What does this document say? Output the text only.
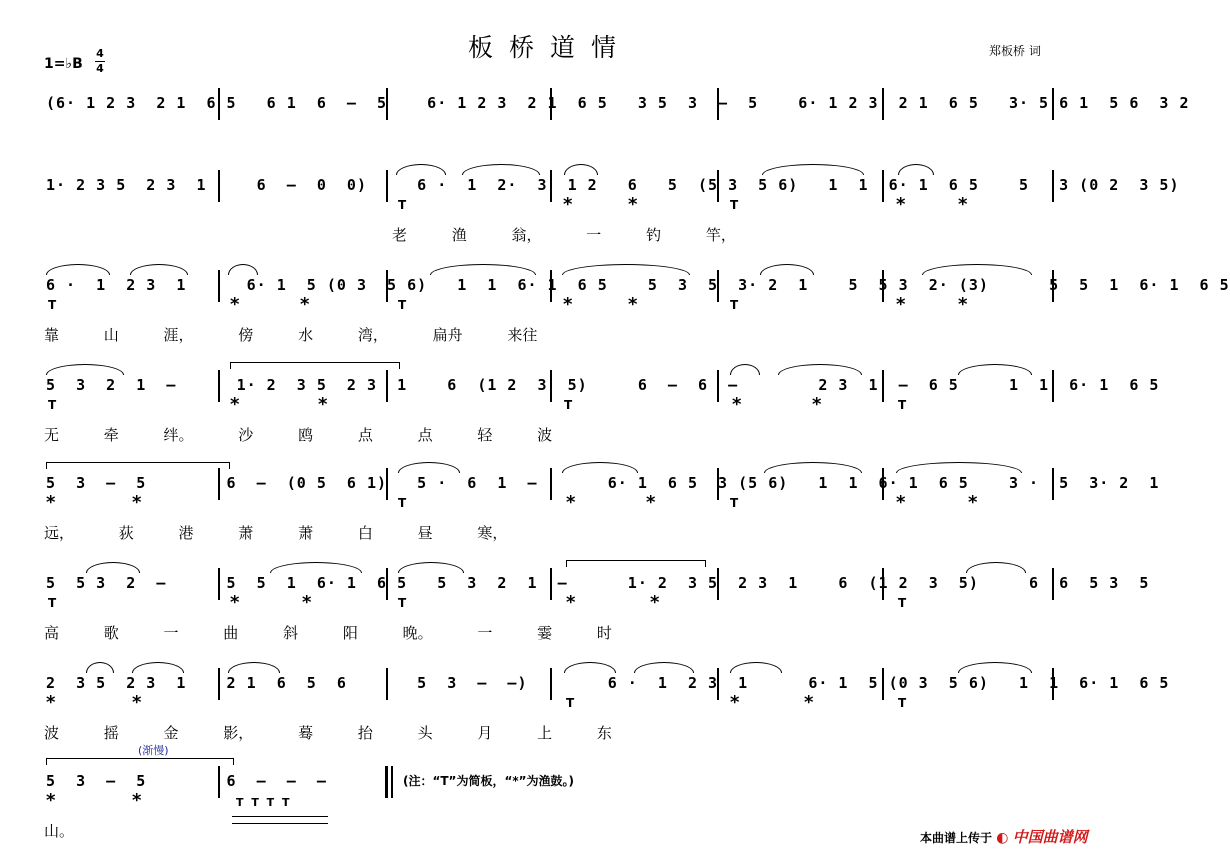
板桥道情	郑板桥 词
1=♭B
4
4
(6· 1 2 3  2 1  6 5   6 1  6  –  5    6· 1 2 3  2 1  6 5   3 5  3  –  5    6· 1 2 3  2 1  6 5   3· 5 6 1  5 6  3 2
1· 2 3 5  2 3  1     6  –  0  0)     6 ·  1  2·  3  1 2   6   5  (5 3  5 6)   1  1  6· 1  6 5    5   3 (0 2  3 5)
T	*	*	T	*	*
老 渔 翁， 一 钓 竿，
6 ·  1  2 3  1      6· 1  5 (0 3  5 6)   1  1  6· 1  6 5    5  3  5  3· 2  1    5  5 3  2· (3)      5  5  1  6· 1  6 5
T	*	*	T	*	*	T	*	*
靠 山 涯， 傍 水 湾， 扁舟 来往
5  3  2  1  –      1· 2  3 5  2 3  1    6  (1 2  3  5)     6  –  6  –        2 3  1  –  6 5     1  1  6· 1  6 5
T	*	*	T	*	*	T
无 牵 绊。 沙 鸥 点 点 轻 波
5  3  –  5        6  –  (0 5  6 1)   5 ·  6  1  –       6· 1  6 5  3 (5 6)   1  1  6· 1  6 5    3 ·  5  3· 2  1
*	*	T	*	*	T	*	*
远， 荻 港 萧 萧 白 昼 寒，
5  5 3  2  –      5  5  1  6· 1  6 5   5  3  2  1  –      1· 2  3 5  2 3  1    6  (1 2  3  5)     6  6  5 3  5
T	*	*	T	*	*	T
高 歌 一 曲 斜 阳 晚。 一 霎 时
2  3 5  2 3  1    2 1  6  5  6       5  3  –  –)        6 ·  1  2 3  1      6· 1  5 (0 3  5 6)   1  1  6· 1  6 5
*	*	T	*	*	T
波 摇 金 影， 蓦 抬 头 月 上 东
(渐慢)
5  3  –  5        6  –  –  –
*	*
山。
T T T T
(注：“T”为简板，“*”为渔鼓。)
本曲谱上传于 ◐ 中国曲谱网
